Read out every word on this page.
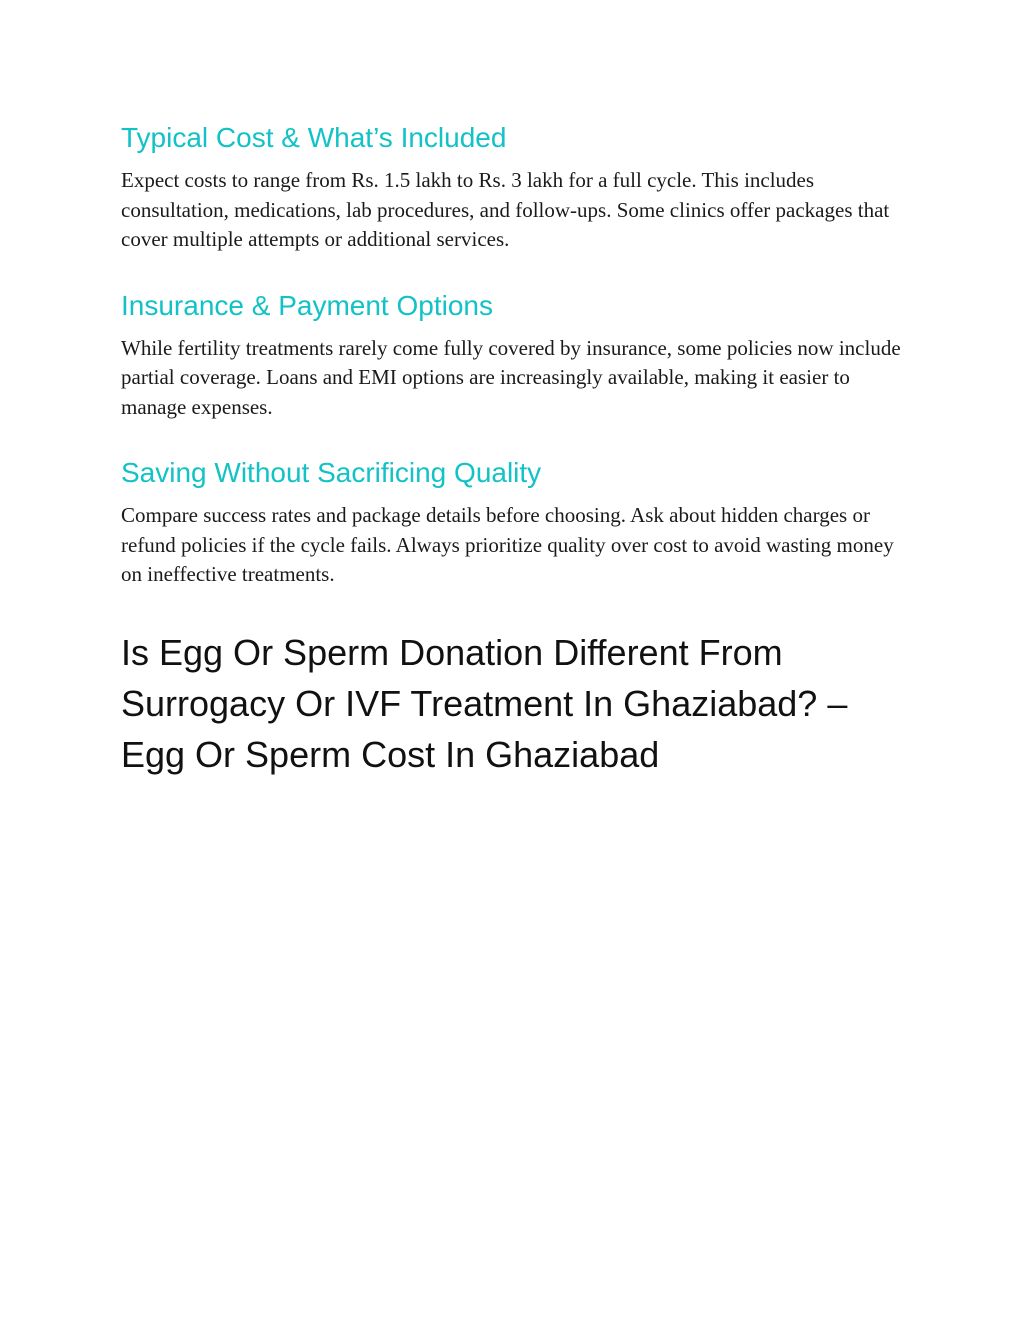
Typical Cost & What’s Included

Expect costs to range from Rs. 1.5 lakh to Rs. 3 lakh for a full cycle. This includes consultation, medications, lab procedures, and follow-ups. Some clinics offer packages that cover multiple attempts or additional services.

Insurance & Payment Options

While fertility treatments rarely come fully covered by insurance, some policies now include partial coverage. Loans and EMI options are increasingly available, making it easier to manage expenses.

Saving Without Sacrificing Quality

Compare success rates and package details before choosing. Ask about hidden charges or refund policies if the cycle fails. Always prioritize quality over cost to avoid wasting money on ineffective treatments.

Is Egg Or Sperm Donation Different From Surrogacy Or IVF Treatment In Ghaziabad? – Egg Or Sperm Cost In Ghaziabad
